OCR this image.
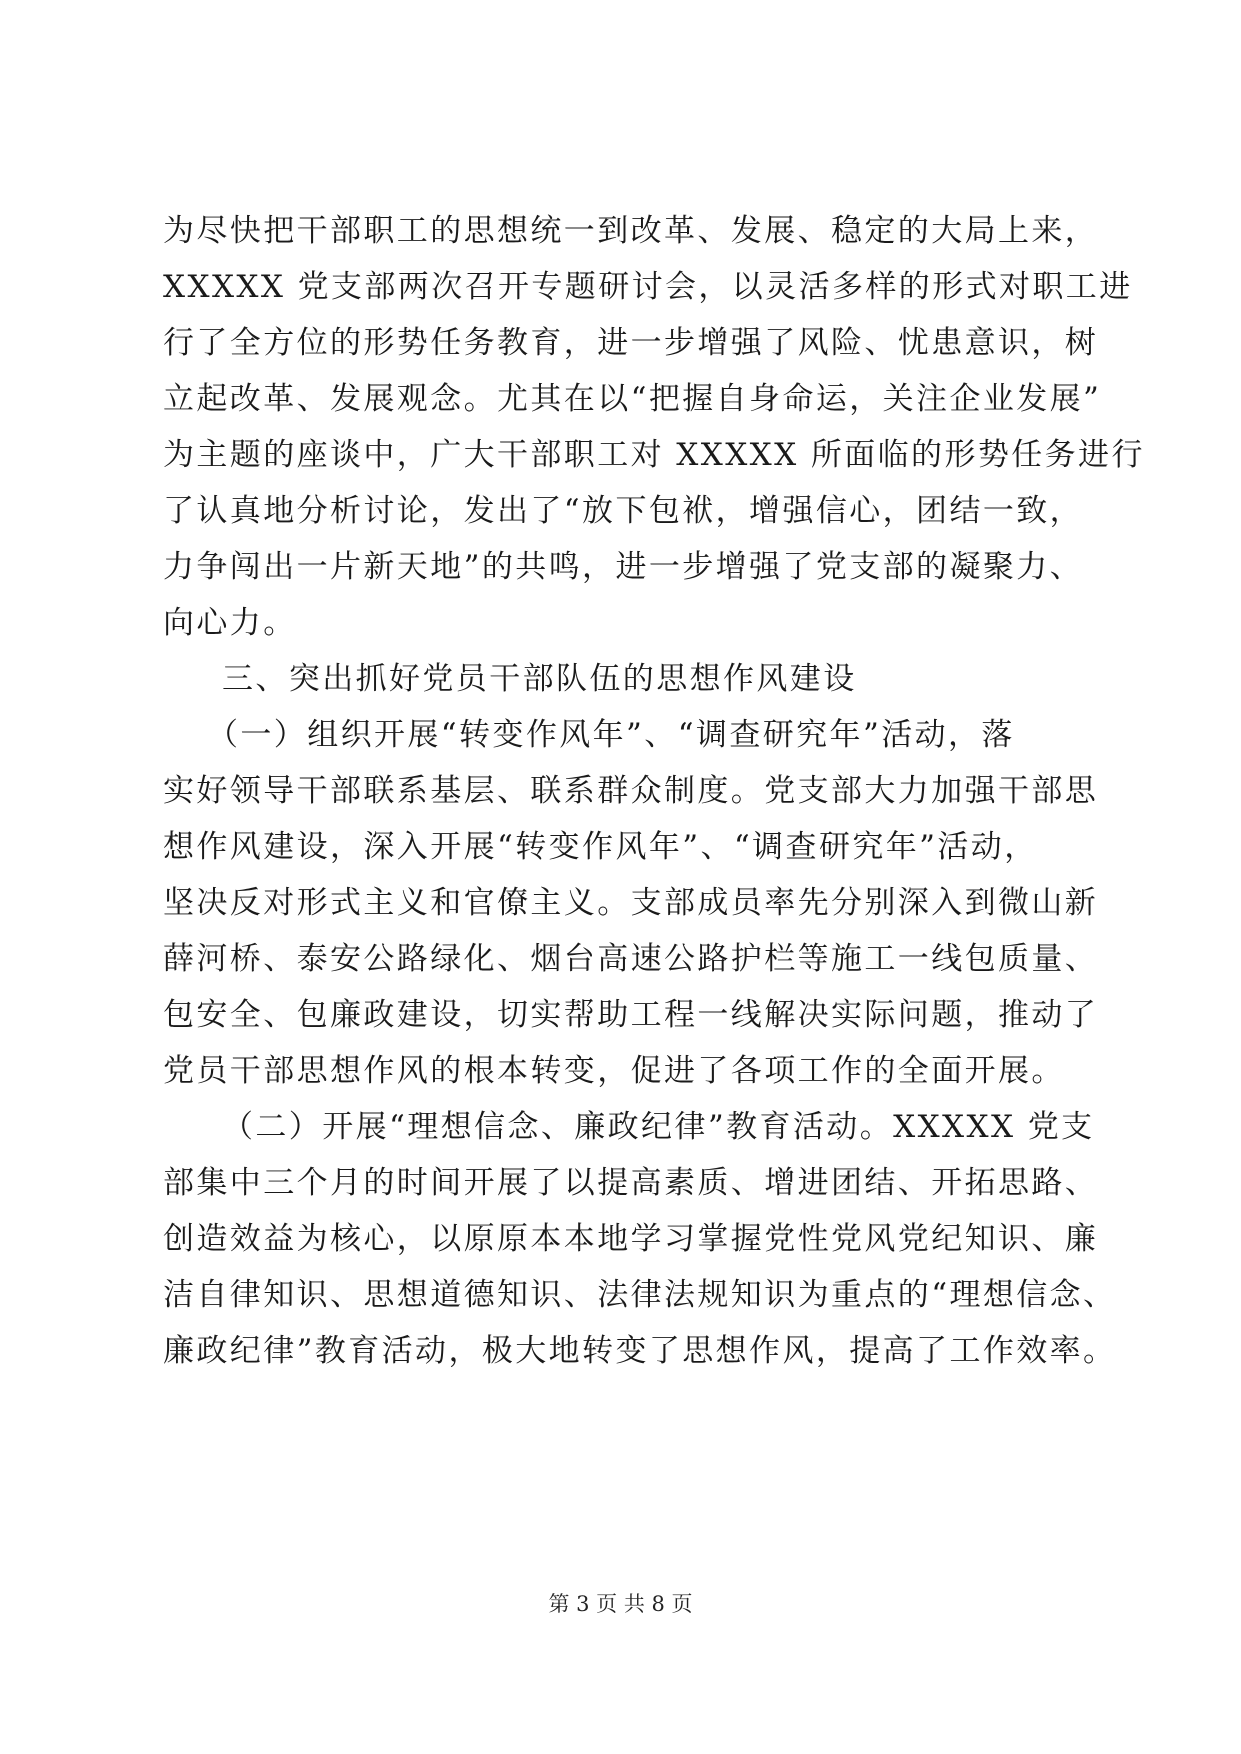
为尽快把干部职工的思想统一到改革、发展、稳定的大局上来，
XXXXX 党支部两次召开专题研讨会，以灵活多样的形式对职工进
行了全方位的形势任务教育，进一步增强了风险、忧患意识，树
立起改革、发展观念。尤其在以“把握自身命运，关注企业发展”
为主题的座谈中，广大干部职工对 XXXXX 所面临的形势任务进行
了认真地分析讨论，发出了“放下包袱，增强信心，团结一致，
力争闯出一片新天地”的共鸣，进一步增强了党支部的凝聚力、
向心力。
三、突出抓好党员干部队伍的思想作风建设
（一）组织开展“转变作风年”、“调查研究年”活动，落
实好领导干部联系基层、联系群众制度。党支部大力加强干部思
想作风建设，深入开展“转变作风年”、“调查研究年”活动，
坚决反对形式主义和官僚主义。支部成员率先分别深入到微山新
薛河桥、泰安公路绿化、烟台高速公路护栏等施工一线包质量、
包安全、包廉政建设，切实帮助工程一线解决实际问题，推动了
党员干部思想作风的根本转变，促进了各项工作的全面开展。
（二）开展“理想信念、廉政纪律”教育活动。XXXXX 党支
部集中三个月的时间开展了以提高素质、增进团结、开拓思路、
创造效益为核心，以原原本本地学习掌握党性党风党纪知识、廉
洁自律知识、思想道德知识、法律法规知识为重点的“理想信念、
廉政纪律”教育活动，极大地转变了思想作风，提高了工作效率。
第 3 页 共 8 页
